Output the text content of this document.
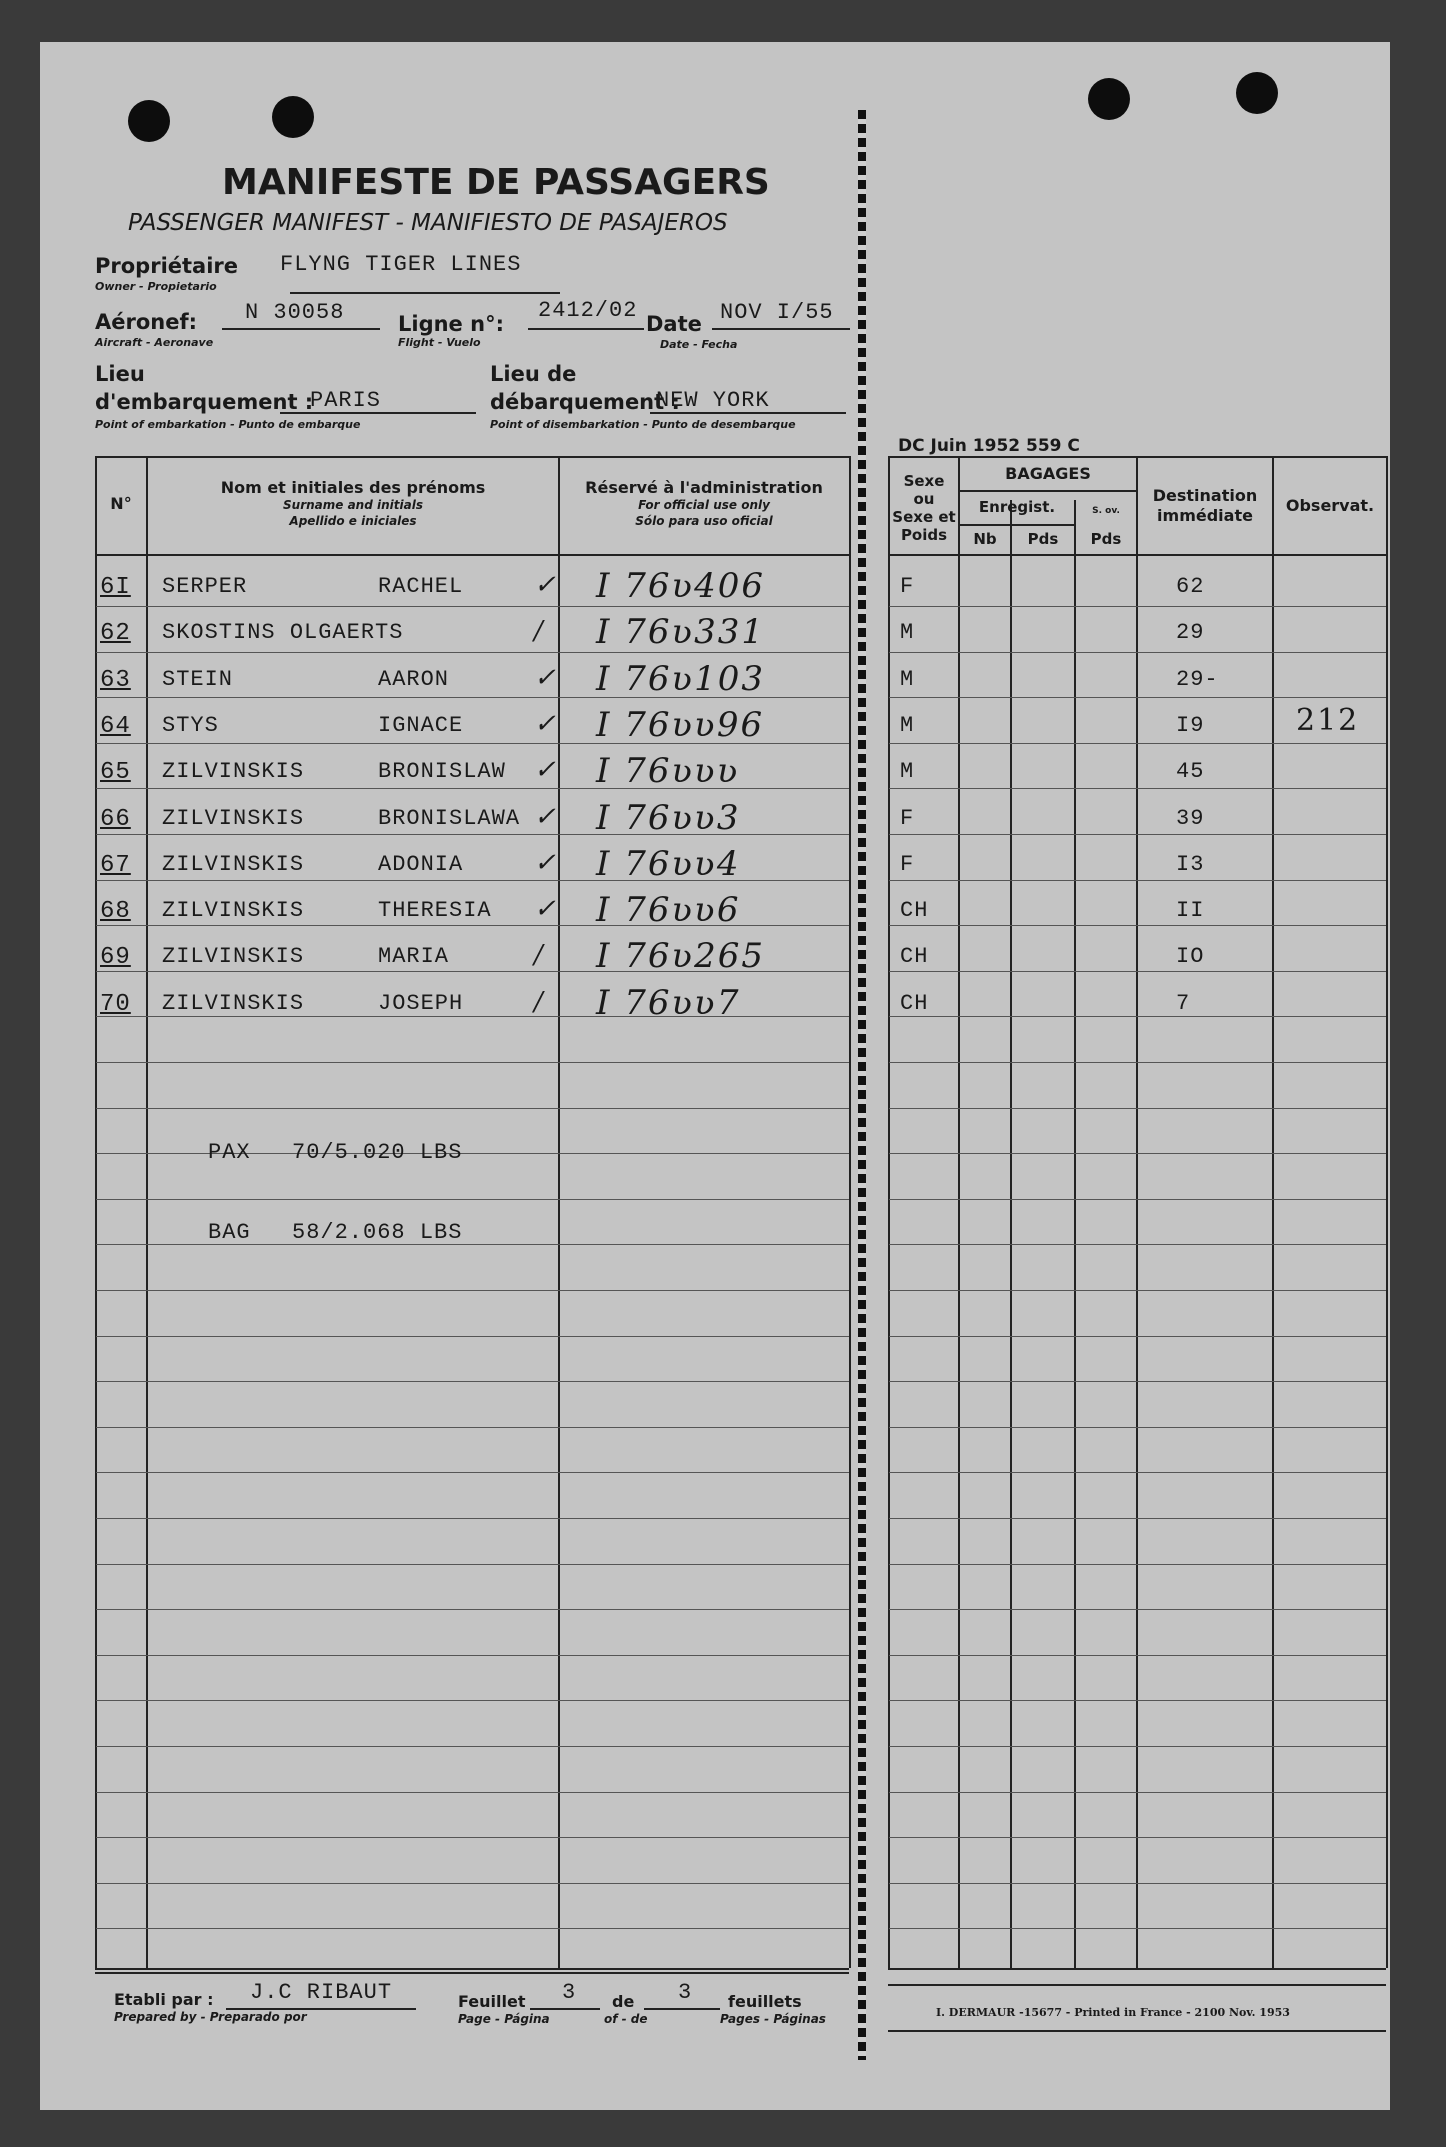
MANIFESTE DE PASSAGERS
PASSENGER MANIFEST - MANIFIESTO DE PASAJEROS
Propriétaire
Owner - Propietario
FLYNG TIGER LINES
Aéronef:
Aircraft - Aeronave
N 30058	Ligne n°:
Flight - Vuelo
2412/02
Date
Date - Fecha
NOV I/55
Lieu
d'embarquement :
Point of embarkation - Punto de embarque
PARIS
Lieu de
débarquement :
Point of disembarkation - Punto de desembarque
NEW YORK
DC Juin 1952 559 C
N°
Nom et initiales des prénoms
Surname and initials
Apellido e iniciales
Réservé à l'administration
For official use only
Sólo para uso oficial
Sexe
ou
Sexe et
Poids
BAGAGES
Enregist.
Nb	Pds
S. ov.
Pds
Destination
immédiate
Observat.
6I SERPER	RACHEL	✓ I 76ʋ406	F	62
62 SKOSTINS OLGAERTS	/ I 76ʋ331	M	29
63 STEIN	AARON	✓ I 76ʋ103	M	29-
64 STYS	IGNACE	✓ I 76ʋʋ96	M	I9	212
65 ZILVINSKIS	BRONISLAW ✓ I 76ʋʋʋ	M	45
66 ZILVINSKIS	BRONISLAWA ✓ I 76ʋʋ3	F	39
67 ZILVINSKIS	ADONIA	✓ I 76ʋʋ4	F	I3
68 ZILVINSKIS	THERESIA ✓ I 76ʋʋ6	CH	II
69 ZILVINSKIS	MARIA	/ I 76ʋ265	CH	IO
70 ZILVINSKIS	JOSEPH	/ I 76ʋʋ7	CH	7
PAX 70/5.020 LBS
BAG 58/2.068 LBS
Etabli par :
Prepared by - Preparado por
J.C RIBAUT	Feuillet
Page - Página
3 de
of - de
3 feuillets
Pages - Páginas	I. DERMAUR -15677 - Printed in France - 2100 Nov. 1953
